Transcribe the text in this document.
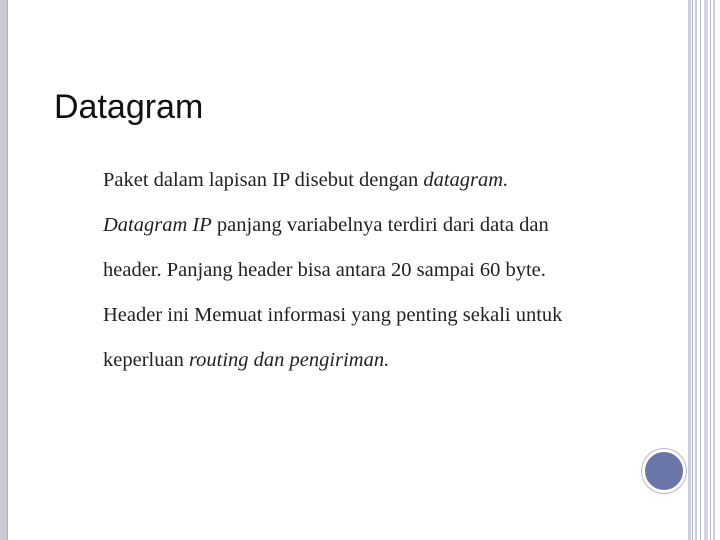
Datagram

Paket dalam lapisan IP disebut dengan datagram.

Datagram IP panjang variabelnya terdiri dari data dan

header. Panjang header bisa antara 20 sampai 60 byte.

Header ini Memuat informasi yang penting sekali untuk

keperluan routing dan pengiriman.
